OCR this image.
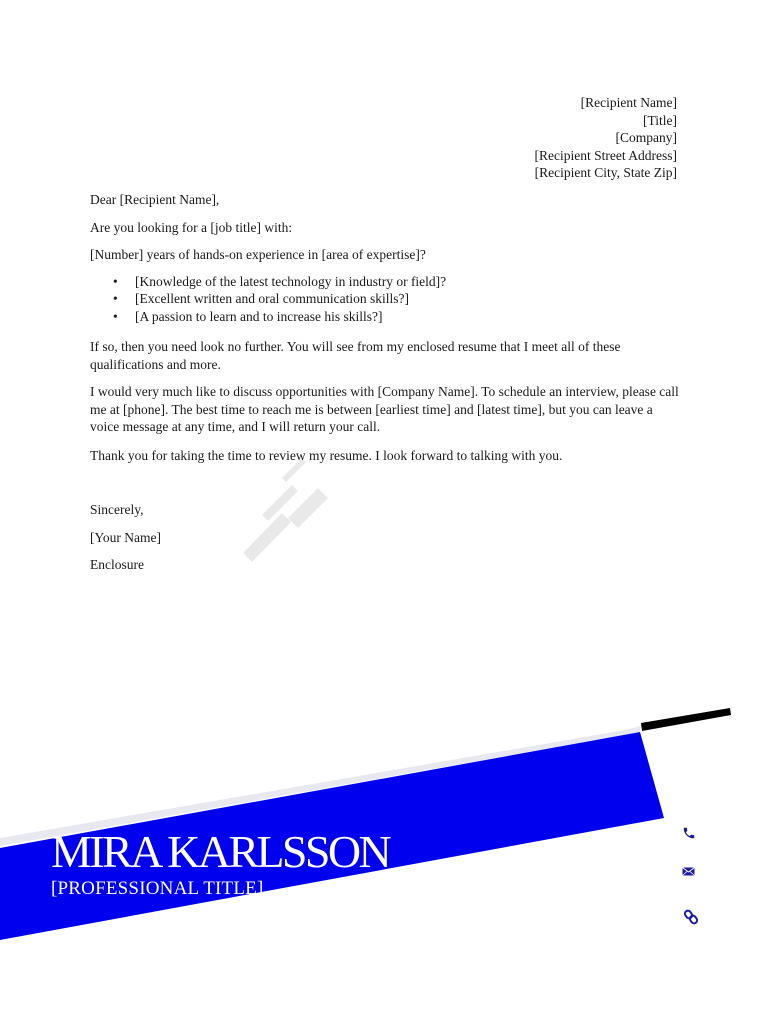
[Recipient Name]
[Title]
[Company]
[Recipient Street Address]
[Recipient City, State Zip]

Dear [Recipient Name],

Are you looking for a [job title] with:

[Number] years of hands-on experience in [area of expertise]?

• [Knowledge of the latest technology in industry or field]?
• [Excellent written and oral communication skills?]
• [A passion to learn and to increase his skills?]

If so, then you need look no further. You will see from my enclosed resume that I meet all of these qualifications and more.

I would very much like to discuss opportunities with [Company Name]. To schedule an interview, please call me at [phone]. The best time to reach me is between [earliest time] and [latest time], but you can leave a voice message at any time, and I will return your call.

Thank you for taking the time to review my resume. I look forward to talking with you.

Sincerely,

[Your Name]

Enclosure

MIRA KARLSSON
[PROFESSIONAL TITLE]
[Phone]
